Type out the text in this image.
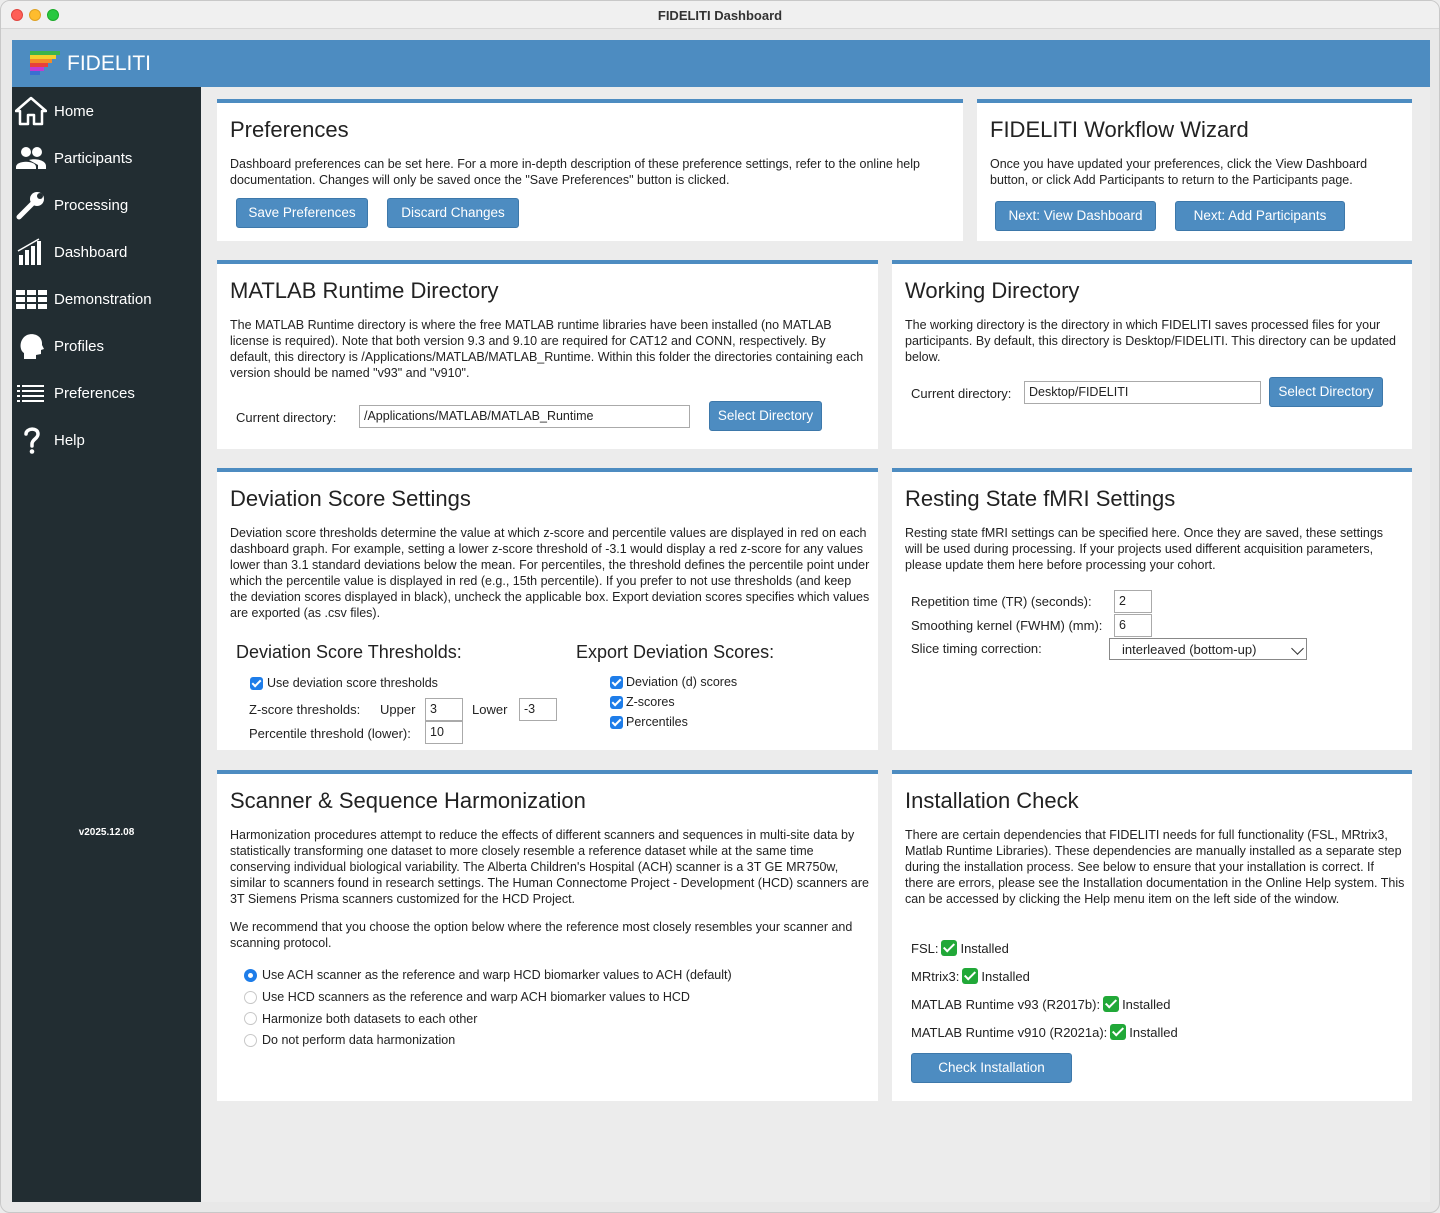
FIDELITI Dashboard
FIDELITI
Home
Participants
Processing
Dashboard
Demonstration
Profiles
Preferences
Help
v2025.12.08
Preferences
Dashboard preferences can be set here. For a more in-depth description of these preference settings, refer to the online help documentation. Changes will only be saved once the "Save Preferences" button is clicked.
Save Preferences	Discard Changes
FIDELITI Workflow Wizard
Once you have updated your preferences, click the View Dashboard button, or click Add Participants to return to the Participants page.
Next: View Dashboard	Next: Add Participants
MATLAB Runtime Directory
The MATLAB Runtime directory is where the free MATLAB runtime libraries have been installed (no MATLAB license is required). Note that both version 9.3 and 9.10 are required for CAT12 and CONN, respectively. By default, this directory is /Applications/MATLAB/MATLAB_Runtime. Within this folder the directories containing each version should be named "v93" and "v910".
Current directory:	/Applications/MATLAB/MATLAB_Runtime	Select Directory
Working Directory
The working directory is the directory in which FIDELITI saves processed files for your participants. By default, this directory is Desktop/FIDELITI. This directory can be updated below.
Current directory:	Desktop/FIDELITI	Select Directory
Deviation Score Settings
Deviation score thresholds determine the value at which z-score and percentile values are displayed in red on each dashboard graph. For example, setting a lower z-score threshold of -3.1 would display a red z-score for any values lower than 3.1 standard deviations below the mean. For percentiles, the threshold defines the percentile point under which the percentile value is displayed in red (e.g., 15th percentile). If you prefer to not use thresholds (and keep the deviation scores displayed in black), uncheck the applicable box. Export deviation scores specifies which values are exported (as .csv files).
Deviation Score Thresholds:
Use deviation score thresholds
Z-score thresholds: Upper	3	Lower	-3
Percentile threshold (lower):	10
Export Deviation Scores:
Deviation (d) scores
Z-scores
Percentiles
Resting State fMRI Settings
Resting state fMRI settings can be specified here. Once they are saved, these settings will be used during processing. If your projects used different acquisition parameters, please update them here before processing your cohort.
Repetition time (TR) (seconds):	2
Smoothing kernel (FWHM) (mm):	6
Slice timing correction:	interleaved (bottom-up)
Scanner & Sequence Harmonization
Harmonization procedures attempt to reduce the effects of different scanners and sequences in multi-site data by statistically transforming one dataset to more closely resemble a reference dataset while at the same time conserving individual biological variability. The Alberta Children's Hospital (ACH) scanner is a 3T GE MR750w, similar to scanners found in research settings. The Human Connectome Project - Development (HCD) scanners are 3T Siemens Prisma scanners customized for the HCD Project.
We recommend that you choose the option below where the reference most closely resembles your scanner and scanning protocol.
Use ACH scanner as the reference and warp HCD biomarker values to ACH (default)
Use HCD scanners as the reference and warp ACH biomarker values to HCD
Harmonize both datasets to each other
Do not perform data harmonization
Installation Check
There are certain dependencies that FIDELITI needs for full functionality (FSL, MRtrix3, Matlab Runtime Libraries). These dependencies are manually installed as a separate step during the installation process. See below to ensure that your installation is correct. If there are errors, please see the Installation documentation in the Online Help system. This can be accessed by clicking the Help menu item on the left side of the window.
FSL: Installed
MRtrix3: Installed
MATLAB Runtime v93 (R2017b): Installed
MATLAB Runtime v910 (R2021a): Installed
Check Installation
